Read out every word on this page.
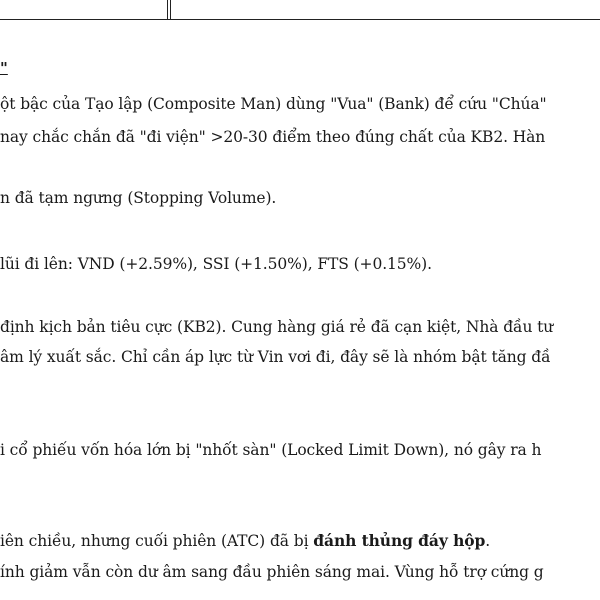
"
ột bậc của Tạo lập (Composite Man) dùng "Vua" (Bank) để cứu "Chúa"
nay chắc chắn đã "đi viện" >20-30 điểm theo đúng chất của KB2. Hàn
n đã tạm ngưng (Stopping Volume).
lũi đi lên: VND (+2.59%), SSI (+1.50%), FTS (+0.15%).
định kịch bản tiêu cực (KB2). Cung hàng giá rẻ đã cạn kiệt, Nhà đầu tư
âm lý xuất sắc. Chỉ cần áp lực từ Vin vơi đi, đây sẽ là nhóm bật tăng đầ
i cổ phiếu vốn hóa lớn bị "nhốt sàn" (Locked Limit Down), nó gây ra h
iên chiều, nhưng cuối phiên (ATC) đã bị đánh thủng đáy hộp.
ính giảm vẫn còn dư âm sang đầu phiên sáng mai. Vùng hỗ trợ cứng g
